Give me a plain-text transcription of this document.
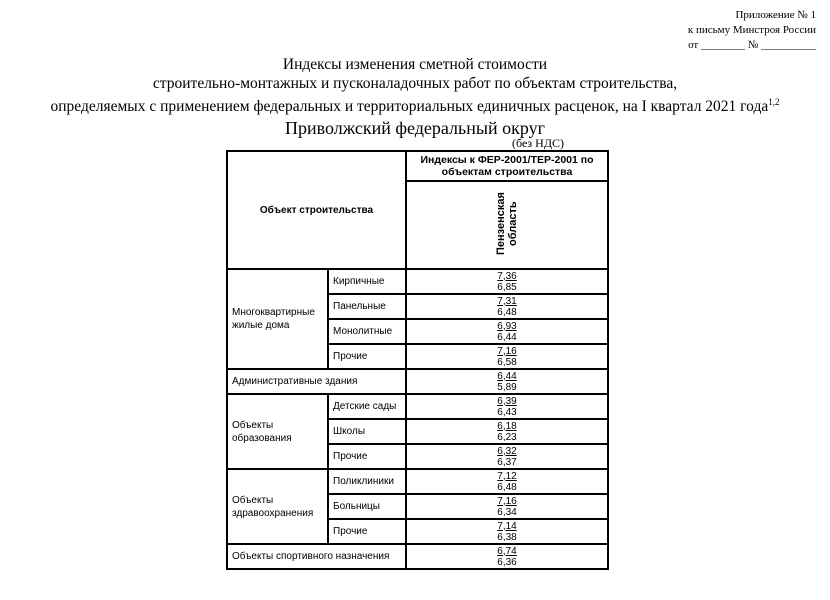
Приложение № 1
к письму Минстроя России
от ________ № __________
Индексы изменения сметной стоимости
строительно-монтажных и пусконаладочных работ по объектам строительства,
определяемых с применением федеральных и территориальных единичных расценок, на I квартал 2021 года$^{1,2}$
Приволжский федеральный округ
(без НДС)
Объект строительства		Индексы к ФЕР-2001/ТЕР-2001 по объектам строительства
		Пензенская область
Многоквартирные жилые дома	Кирпичные	7,36
6,85

	Панельные	7,31
6,48

	Монолитные	6,93
6,44

	Прочие	7,16
6,58

Административные здания		6,44
5,89

Объекты образования	Детские сады	6,39
6,43

	Школы	6,18
6,23

	Прочие	6,32
6,37

Объекты здравоохранения	Поликлиники	7,12
6,48

	Больницы	7,16
6,34

	Прочие	7,14
6,38

Объекты спортивного назначения		6,74
6,36
